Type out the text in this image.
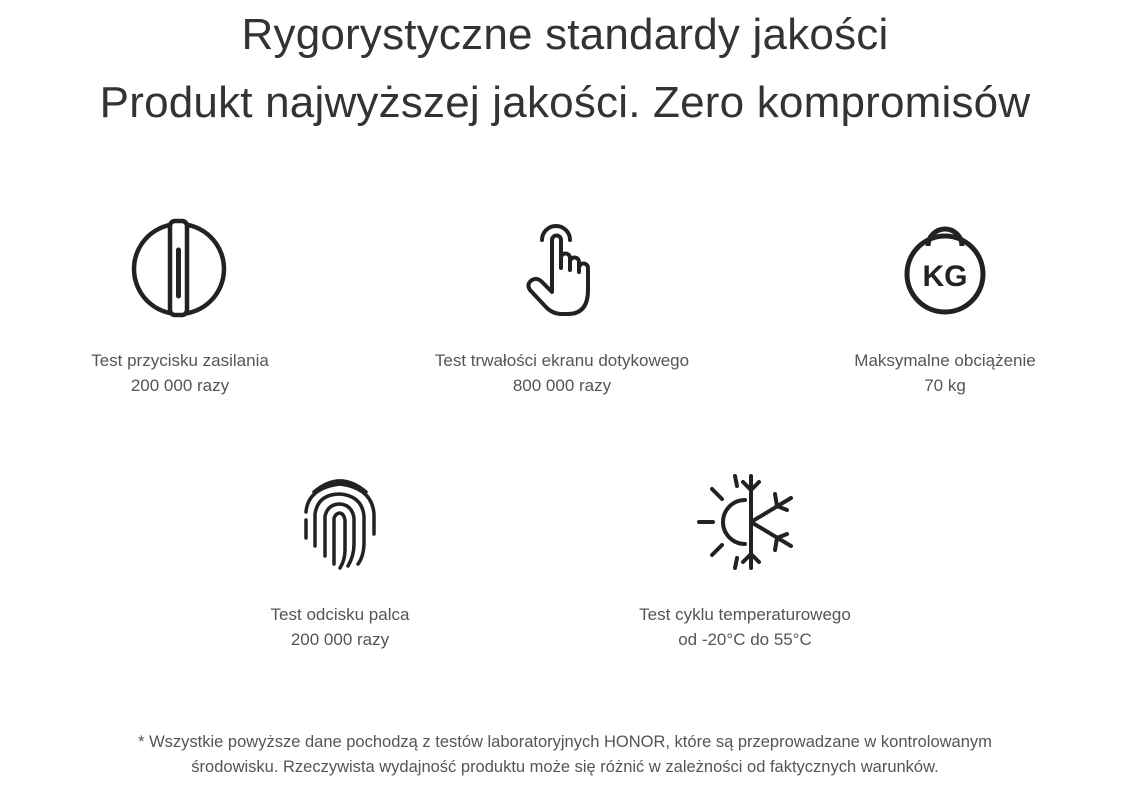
Rygorystyczne standardy jakości
Produkt najwyższej jakości. Zero kompromisów
Test przycisku zasilania
200 000 razy
Test trwałości ekranu dotykowego
800 000 razy
KG
Maksymalne obciążenie
70 kg
Test odcisku palca
200 000 razy
Test cyklu temperaturowego
od -20°C do 55°C
* Wszystkie powyższe dane pochodzą z testów laboratoryjnych HONOR, które są przeprowadzane w kontrolowanym
środowisku. Rzeczywista wydajność produktu może się różnić w zależności od faktycznych warunków.
